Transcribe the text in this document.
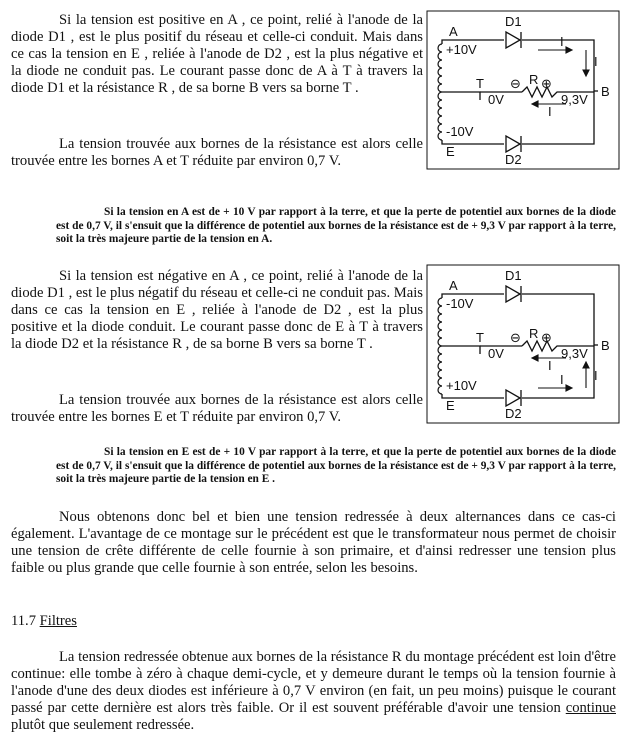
Si la tension est positive en A , ce point, relié à l'anode de la diode D1 , est le plus positif du réseau et celle-ci conduit. Mais dans ce cas la tension en E , reliée à l'anode de D2 , est la plus négative et la diode ne conduit pas. Le courant passe donc de A à T à travers la diode D1 et la résistance R , de sa borne B vers sa borne T .

La tension trouvée aux bornes de la résistance est alors celle trouvée entre les bornes A et T réduite par environ 0,7 V.

Si la tension en A est de + 10 V par rapport à la terre, et que la perte de potentiel aux bornes de la diode est de 0,7 V, il s'ensuit que la différence de potentiel aux bornes de la résistance est de + 9,3 V par rapport à la terre, soit la très majeure partie de la tension en A.

A
+10V
D1
I
I
T
0V
⊖ R ⊕
I
9,3V
B
-10V
E
D2

Si la tension est négative en A , ce point, relié à l'anode de la diode D1 , est le plus négatif du réseau et celle-ci ne conduit pas. Mais dans ce cas la tension en E , reliée à l'anode de D2 , est la plus positive et la diode conduit. Le courant passe donc de E à T à travers la diode D2 et la résistance R , de sa borne B vers sa borne T .

La tension trouvée aux bornes de la résistance est alors celle trouvée entre les bornes E et T réduite par environ 0,7 V.

Si la tension en E est de + 10 V par rapport à la terre, et que la perte de potentiel aux bornes de la diode est de 0,7 V, il s'ensuit que la différence de potentiel aux bornes de la résistance est de + 9,3 V par rapport à la terre, soit la très majeure partie de la tension en E .

A
-10V
D1
T
0V
⊖ R ⊕
I
9,3V
B
I
I
+10V
E
D2

Nous obtenons donc bel et bien une tension redressée à deux alternances dans ce cas-ci également. L'avantage de ce montage sur le précédent est que le transformateur nous permet de choisir une tension de crête différente de celle fournie à son primaire, et d'ainsi redresser une tension plus faible ou plus grande que celle fournie à son entrée, selon les besoins.

11.7 Filtres

La tension redressée obtenue aux bornes de la résistance R du montage précédent est loin d'être continue: elle tombe à zéro à chaque demi-cycle, et y demeure durant le temps où la tension fournie à l'anode d'une des deux diodes est inférieure à 0,7 V environ (en fait, un peu moins) puisque le courant passé par cette dernière est alors très faible. Or il est souvent préférable d'avoir une tension continue plutôt que seulement redressée.
